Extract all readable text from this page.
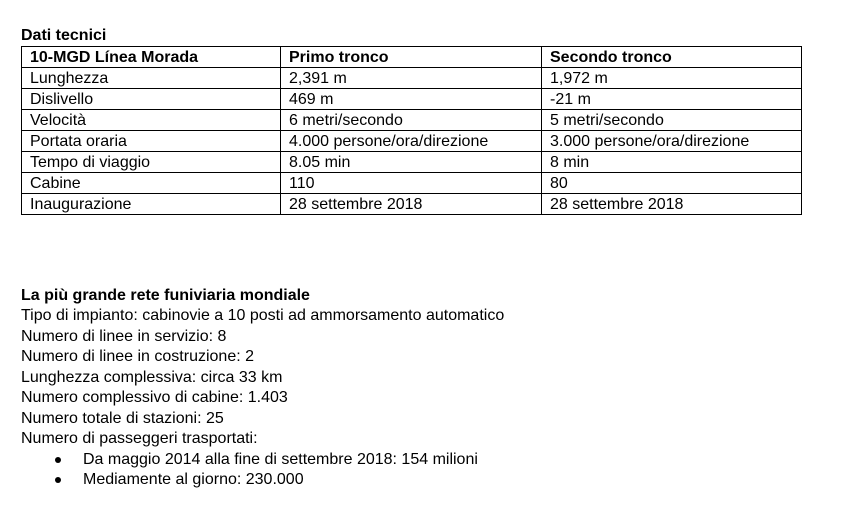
Dati tecnici

10-MGD Línea Morada	Primo tronco	Secondo tronco
Lunghezza	2,391 m	1,972 m
Dislivello	469 m	-21 m
Velocità	6 metri/secondo	5 metri/secondo
Portata oraria	4.000 persone/ora/direzione	3.000 persone/ora/direzione
Tempo di viaggio	8.05 min	8 min
Cabine	110	80
Inaugurazione	28 settembre 2018	28 settembre 2018

La più grande rete funiviaria mondiale

Tipo di impianto: cabinovie a 10 posti ad ammorsamento automatico

Numero di linee in servizio: 8

Numero di linee in costruzione: 2

Lunghezza complessiva: circa 33 km

Numero complessivo di cabine: 1.403

Numero totale di stazioni: 25

Numero di passeggeri trasportati:

Da maggio 2014 alla fine di settembre 2018: 154 milioni
Mediamente al giorno: 230.000
